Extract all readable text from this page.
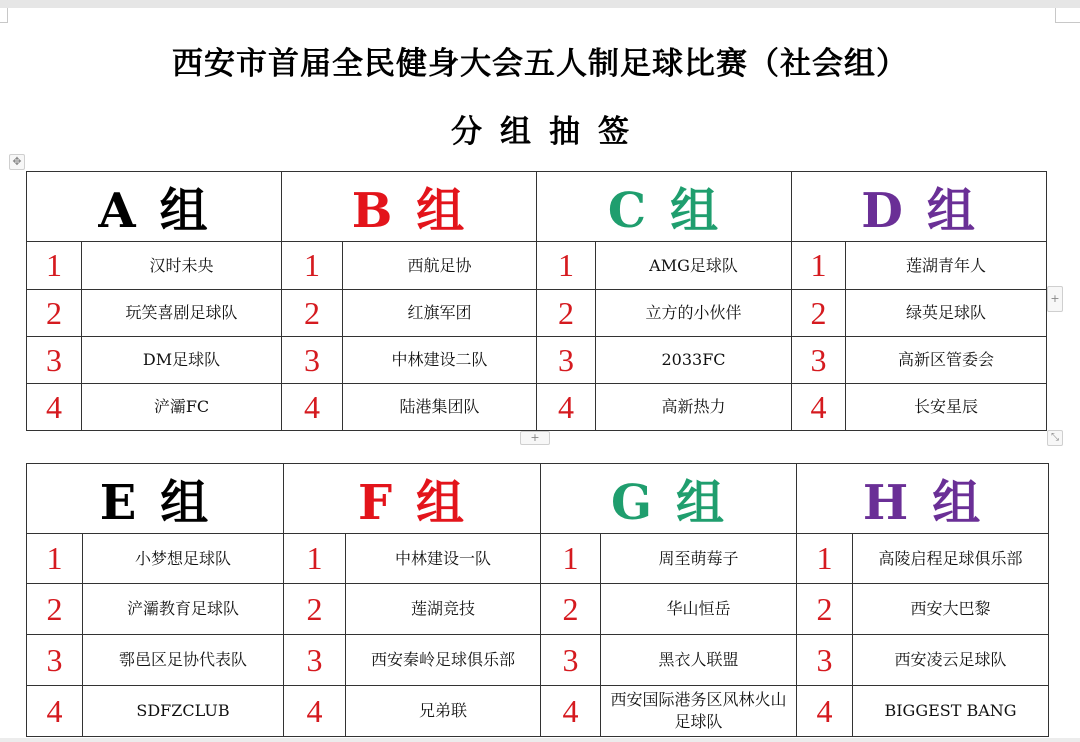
西安市首届全民健身大会五人制足球比赛（社会组）
分组抽签
✥
A 组		B 组		C 组		D 组	
1	汉时未央	1	西航足协	1	AMG足球队	1	莲湖青年人
2	玩笑喜剧足球队	2	红旗军团	2	立方的小伙伴	2	绿英足球队
3	DM足球队	3	中林建设二队	3	2033FC	3	高新区管委会
4	浐灞FC	4	陆港集团队	4	高新热力	4	长安星辰
+
+	⤡
E 组		F 组		G 组		H 组	
1	小梦想足球队	1	中林建设一队	1	周至萌莓子	1	高陵启程足球俱乐部
2	浐灞教育足球队	2	莲湖竞技	2	华山恒岳	2	西安大巴黎
3	鄠邑区足协代表队	3	西安秦岭足球俱乐部	3	黑衣人联盟	3	西安凌云足球队
4	SDFZCLUB	4	兄弟联	4	西安国际港务区风林火山足球队	4	BIGGEST BANG
